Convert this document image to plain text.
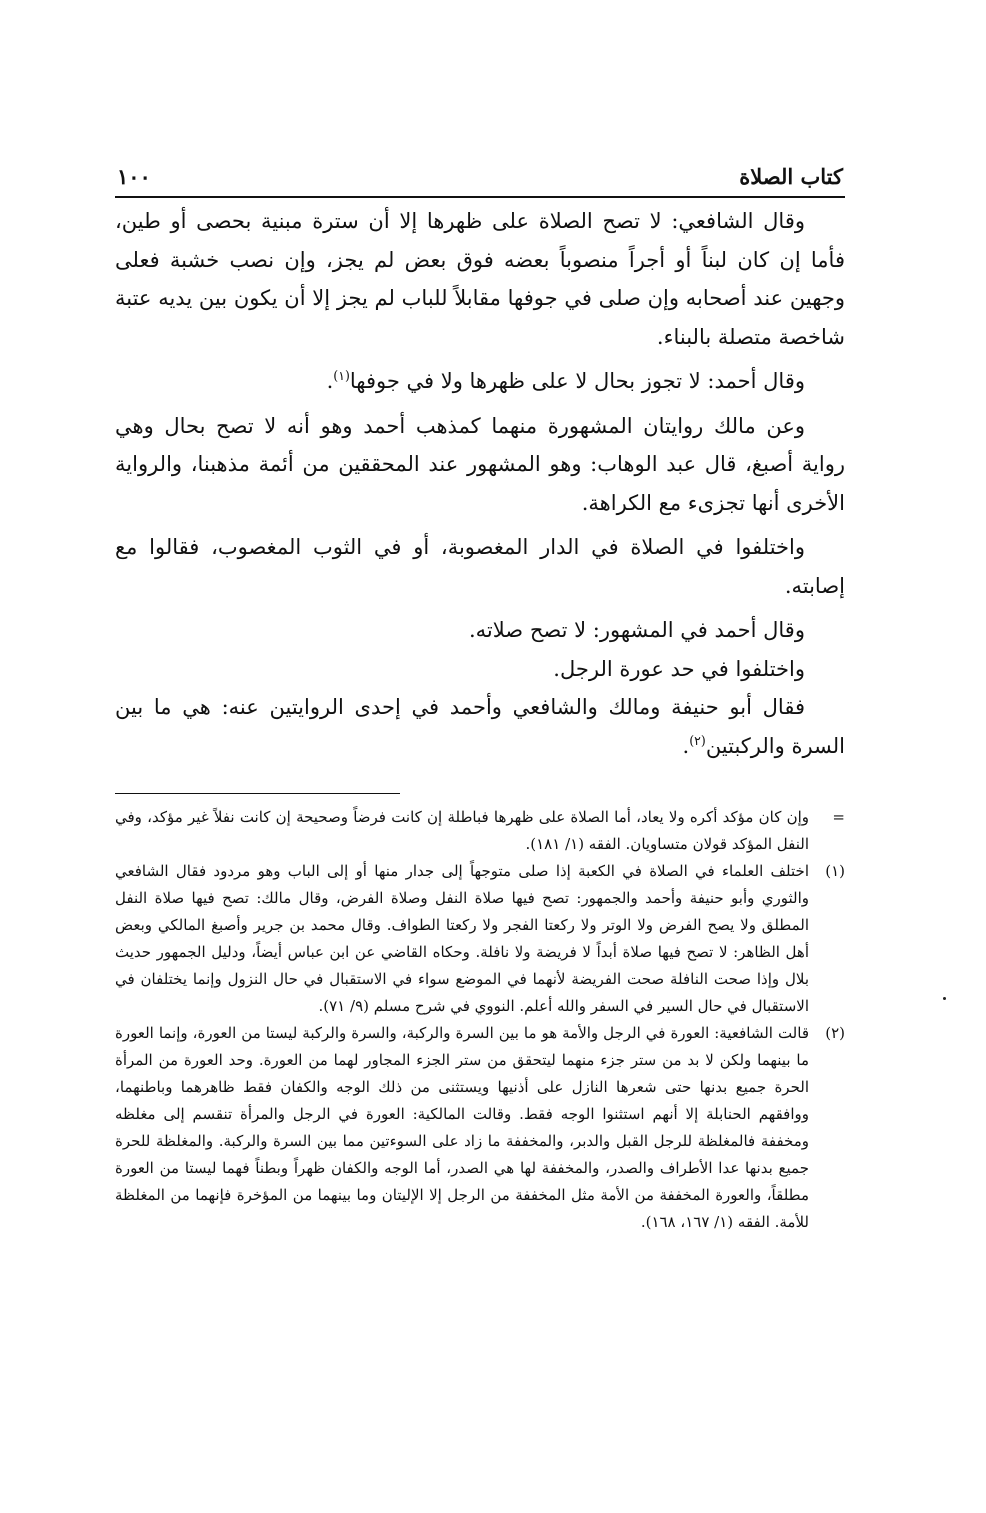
كتاب الصلاة
١٠٠

وقال الشافعي: لا تصح الصلاة على ظهرها إلا أن سترة مبنية بحصى أو طين، فأما إن كان لبناً أو أجراً منصوباً بعضه فوق بعض لم يجز، وإن نصب خشبة فعلى وجهين عند أصحابه وإن صلى في جوفها مقابلاً للباب لم يجز إلا أن يكون بين يديه عتبة شاخصة متصلة بالبناء.

وقال أحمد: لا تجوز بحال لا على ظهرها ولا في جوفها$^{(١)}$.

وعن مالك روايتان المشهورة منهما كمذهب أحمد وهو أنه لا تصح بحال وهي رواية أصبغ، قال عبد الوهاب: وهو المشهور عند المحققين من أئمة مذهبنا، والرواية الأخرى أنها تجزىء مع الكراهة.

واختلفوا في الصلاة في الدار المغصوبة، أو في الثوب المغصوب، فقالوا مع إصابته.

وقال أحمد في المشهور: لا تصح صلاته.

واختلفوا في حد عورة الرجل.

فقال أبو حنيفة ومالك والشافعي وأحمد في إحدى الروايتين عنه: هي ما بين السرة والركبتين$^{(٢)}$.

=
وإن كان مؤكد أكره ولا يعاد، أما الصلاة على ظهرها فباطلة إن كانت فرضاً وصحيحة إن كانت نفلاً غير مؤكد، وفي النفل المؤكد قولان متساويان. الفقه (١/ ١٨١).
(١)
اختلف العلماء في الصلاة في الكعبة إذا صلى متوجهاً إلى جدار منها أو إلى الباب وهو مردود فقال الشافعي والثوري وأبو حنيفة وأحمد والجمهور: تصح فيها صلاة النفل وصلاة الفرض، وقال مالك: تصح فيها صلاة النفل المطلق ولا يصح الفرض ولا الوتر ولا ركعتا الفجر ولا ركعتا الطواف. وقال محمد بن جرير وأصبغ المالكي وبعض أهل الظاهر: لا تصح فيها صلاة أبداً لا فريضة ولا نافلة. وحكاه القاضي عن ابن عباس أيضاً، ودليل الجمهور حديث بلال وإذا صحت النافلة صحت الفريضة لأنهما في الموضع سواء في الاستقبال في حال النزول وإنما يختلفان في الاستقبال في حال السير في السفر والله أعلم. النووي في شرح مسلم (٩/ ٧١).
(٢)
قالت الشافعية: العورة في الرجل والأمة هو ما بين السرة والركبة، والسرة والركبة ليستا من العورة، وإنما العورة ما بينهما ولكن لا بد من ستر جزء منهما ليتحقق من ستر الجزء المجاور لهما من العورة. وحد العورة من المرأة الحرة جميع بدنها حتى شعرها النازل على أذنيها ويستثنى من ذلك الوجه والكفان فقط ظاهرهما وباطنهما، ووافقهم الحنابلة إلا أنهم استثنوا الوجه فقط. وقالت المالكية: العورة في الرجل والمرأة تنقسم إلى مغلظه ومخففة فالمغلظة للرجل القبل والدبر، والمخففة ما زاد على السوءتين مما بين السرة والركبة. والمغلظة للحرة جميع بدنها عدا الأطراف والصدر، والمخففة لها هي الصدر، أما الوجه والكفان ظهراً وبطناً فهما ليستا من العورة مطلقاً، والعورة المخففة من الأمة مثل المخففة من الرجل إلا الإليتان وما بينهما من المؤخرة فإنهما من المغلظة للأمة. الفقه (١/ ١٦٧، ١٦٨).
